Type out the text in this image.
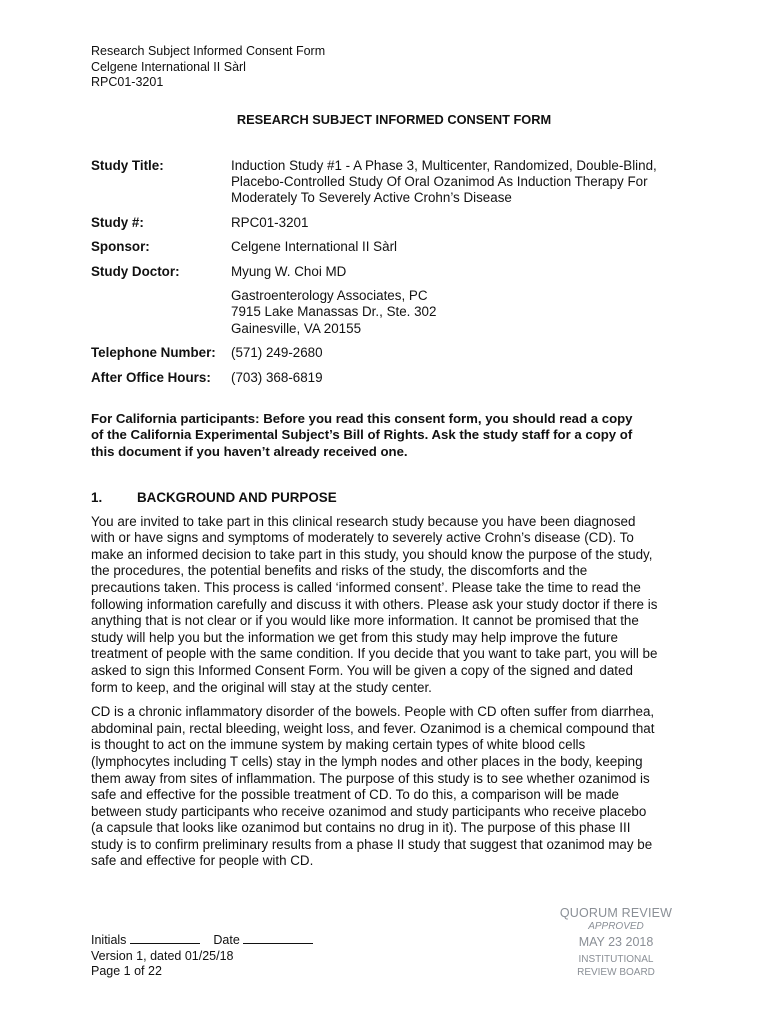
Research Subject Informed Consent Form
Celgene International II Sàrl
RPC01-3201
RESEARCH SUBJECT INFORMED CONSENT FORM
Study Title:	Induction Study #1 - A Phase 3, Multicenter, Randomized, Double-Blind,
Placebo-Controlled Study Of Oral Ozanimod As Induction Therapy For
Moderately To Severely Active Crohn’s Disease
Study #:	RPC01-3201
Sponsor:	Celgene International II Sàrl
Study Doctor:	Myung W. Choi MD
Gastroenterology Associates, PC
7915 Lake Manassas Dr., Ste. 302
Gainesville, VA 20155
Telephone Number:	(571) 249-2680
After Office Hours:	(703) 368-6819
For California participants: Before you read this consent form, you should read a copy
of the California Experimental Subject’s Bill of Rights. Ask the study staff for a copy of
this document if you haven’t already received one.
1.	BACKGROUND AND PURPOSE
You are invited to take part in this clinical research study because you have been diagnosed
with or have signs and symptoms of moderately to severely active Crohn’s disease (CD). To
make an informed decision to take part in this study, you should know the purpose of the study,
the procedures, the potential benefits and risks of the study, the discomforts and the
precautions taken. This process is called ‘informed consent’. Please take the time to read the
following information carefully and discuss it with others. Please ask your study doctor if there is
anything that is not clear or if you would like more information. It cannot be promised that the
study will help you but the information we get from this study may help improve the future
treatment of people with the same condition. If you decide that you want to take part, you will be
asked to sign this Informed Consent Form. You will be given a copy of the signed and dated
form to keep, and the original will stay at the study center.
CD is a chronic inflammatory disorder of the bowels. People with CD often suffer from diarrhea,
abdominal pain, rectal bleeding, weight loss, and fever. Ozanimod is a chemical compound that
is thought to act on the immune system by making certain types of white blood cells
(lymphocytes including T cells) stay in the lymph nodes and other places in the body, keeping
them away from sites of inflammation. The purpose of this study is to see whether ozanimod is
safe and effective for the possible treatment of CD. To do this, a comparison will be made
between study participants who receive ozanimod and study participants who receive placebo
(a capsule that looks like ozanimod but contains no drug in it). The purpose of this phase III
study is to confirm preliminary results from a phase II study that suggest that ozanimod may be
safe and effective for people with CD.
Initials	Date
Version 1, dated 01/25/18
Page 1 of 22
QUORUM REVIEW
APPROVED
MAY 23 2018
INSTITUTIONAL
REVIEW BOARD
